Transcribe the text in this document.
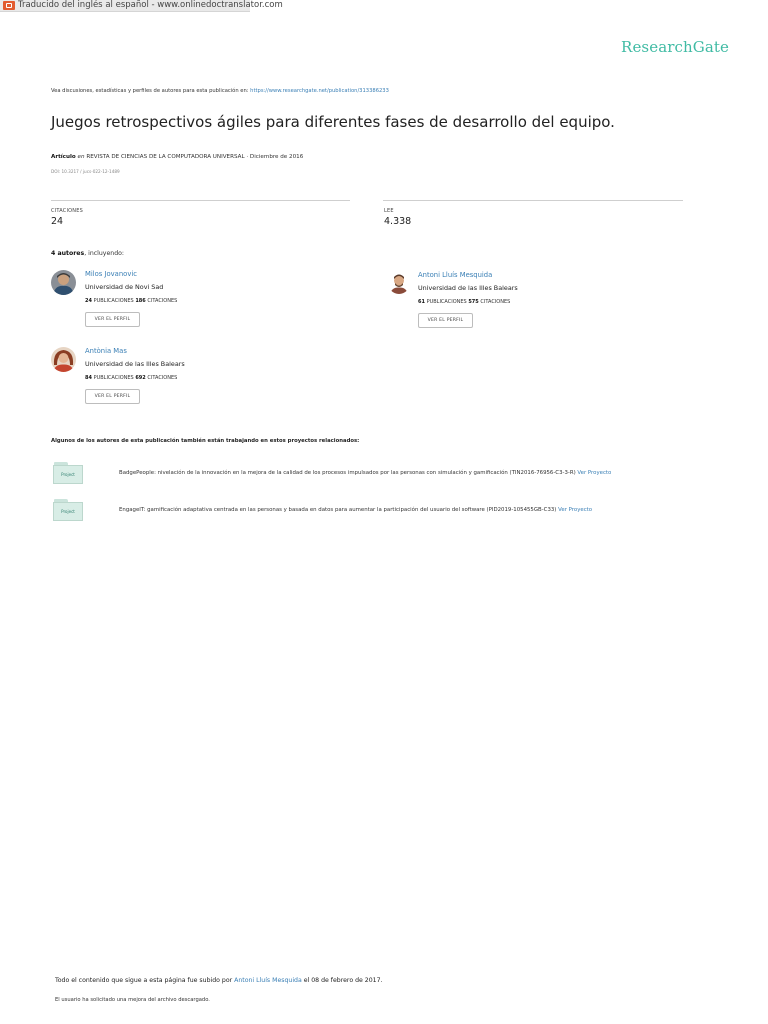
Traducido del inglés al español - www.onlinedoctranslator.com
ResearchGate
Vea discusiones, estadísticas y perfiles de autores para esta publicación en: https://www.researchgate.net/publication/313386233
Juegos retrospectivos ágiles para diferentes fases de desarrollo del equipo.
Artículo en REVISTA DE CIENCIAS DE LA COMPUTADORA UNIVERSAL · Diciembre de 2016
DOI: 10.3217 / jucs-022-12-1489
CITACIONES
24
LEE
4.338
4 autores, incluyendo:
Milos Jovanovic
Universidad de Novi Sad
24 PUBLICACIONES 186 CITACIONES
VER EL PERFIL
Antoni Lluís Mesquida
Universidad de las Illes Balears
61 PUBLICACIONES 575 CITACIONES
VER EL PERFIL
Antònia Mas
Universidad de las Illes Balears
84 PUBLICACIONES 692 CITACIONES
VER EL PERFIL
Algunos de los autores de esta publicación también están trabajando en estos proyectos relacionados:
Project	BadgePeople: nivelación de la innovación en la mejora de la calidad de los procesos impulsados por las personas con simulación y gamificación (TIN2016-76956-C3-3-R) Ver Proyecto
Project	EngageIT: gamificación adaptativa centrada en las personas y basada en datos para aumentar la participación del usuario del software (PID2019-105455GB-C33) Ver Proyecto
Todo el contenido que sigue a esta página fue subido por Antoni Lluís Mesquida el 08 de febrero de 2017.
El usuario ha solicitado una mejora del archivo descargado.
